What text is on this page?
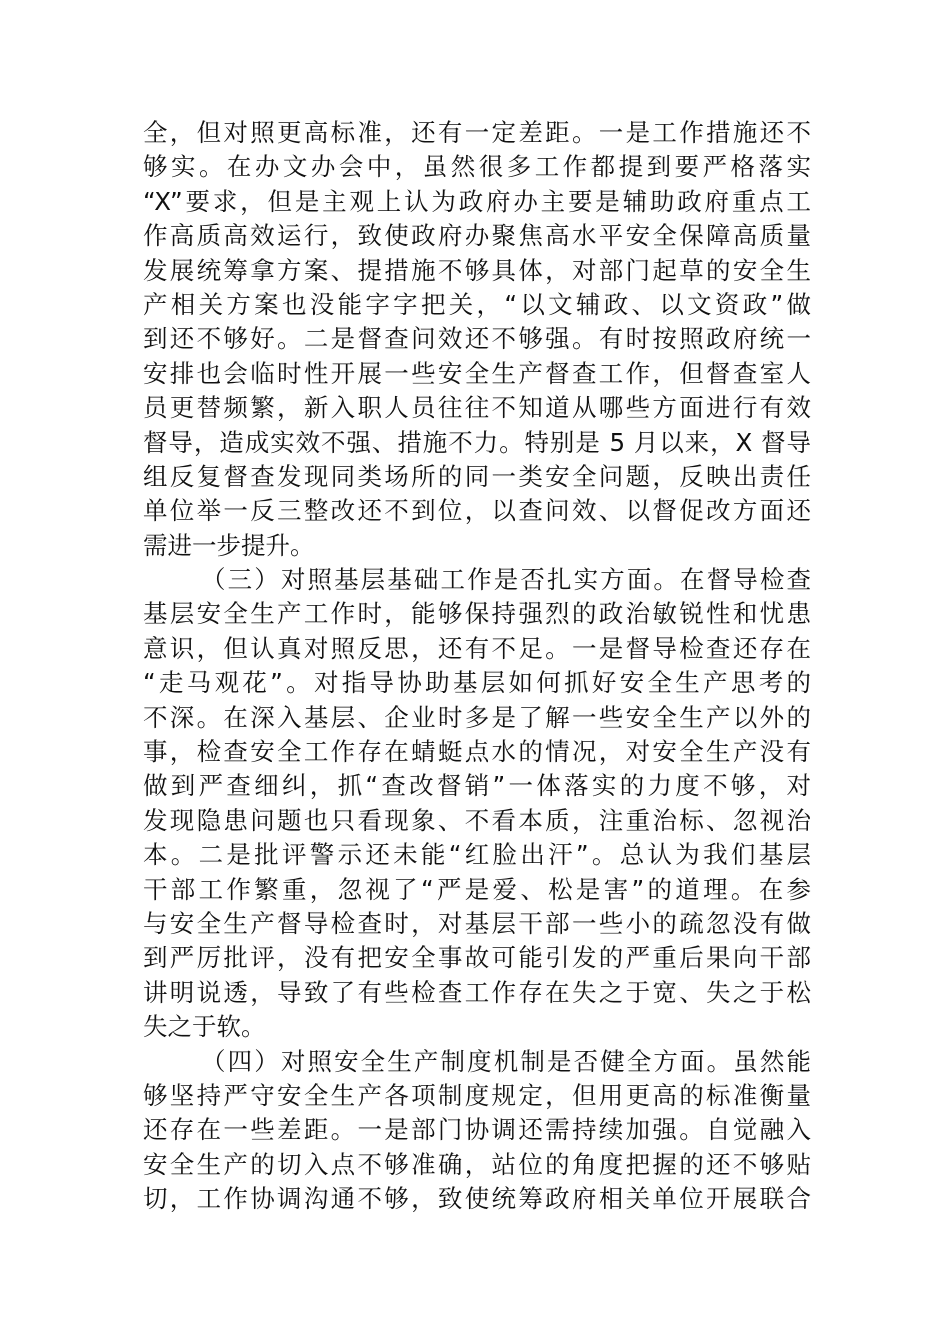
全，但对照更高标准，还有一定差距。一是工作措施还不
够实。在办文办会中，虽然很多工作都提到要严格落实
“X”要求，但是主观上认为政府办主要是辅助政府重点工
作高质高效运行，致使政府办聚焦高水平安全保障高质量
发展统筹拿方案、提措施不够具体，对部门起草的安全生
产相关方案也没能字字把关，“以文辅政、以文资政”做
到还不够好。二是督查问效还不够强。有时按照政府统一
安排也会临时性开展一些安全生产督查工作，但督查室人
员更替频繁，新入职人员往往不知道从哪些方面进行有效
督导，造成实效不强、措施不力。特别是 5 月以来，X 督导
组反复督查发现同类场所的同一类安全问题，反映出责任
单位举一反三整改还不到位，以查问效、以督促改方面还
需进一步提升。
（三）对照基层基础工作是否扎实方面。在督导检查
基层安全生产工作时，能够保持强烈的政治敏锐性和忧患
意识，但认真对照反思，还有不足。一是督导检查还存在
“走马观花”。对指导协助基层如何抓好安全生产思考的
不深。在深入基层、企业时多是了解一些安全生产以外的
事，检查安全工作存在蜻蜓点水的情况，对安全生产没有
做到严查细纠，抓“查改督销”一体落实的力度不够，对
发现隐患问题也只看现象、不看本质，注重治标、忽视治
本。二是批评警示还未能“红脸出汗”。总认为我们基层
干部工作繁重，忽视了“严是爱、松是害”的道理。在参
与安全生产督导检查时，对基层干部一些小的疏忽没有做
到严厉批评，没有把安全事故可能引发的严重后果向干部
讲明说透，导致了有些检查工作存在失之于宽、失之于松
失之于软。
（四）对照安全生产制度机制是否健全方面。虽然能
够坚持严守安全生产各项制度规定，但用更高的标准衡量
还存在一些差距。一是部门协调还需持续加强。自觉融入
安全生产的切入点不够准确，站位的角度把握的还不够贴
切，工作协调沟通不够，致使统筹政府相关单位开展联合
